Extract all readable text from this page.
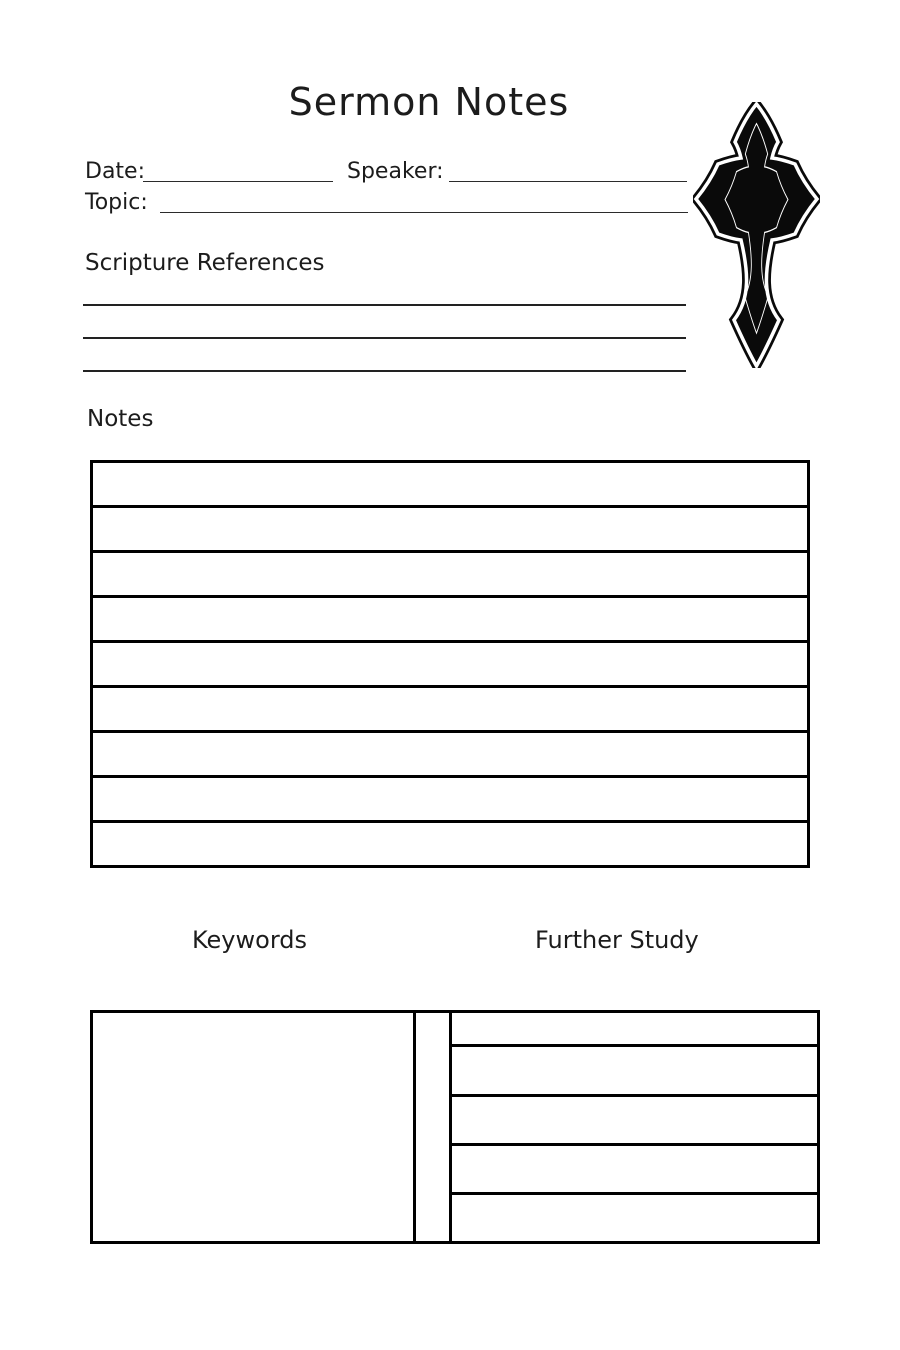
Sermon Notes
Date:	Speaker:
Topic:
Scripture References
Notes
Keywords	Further Study
